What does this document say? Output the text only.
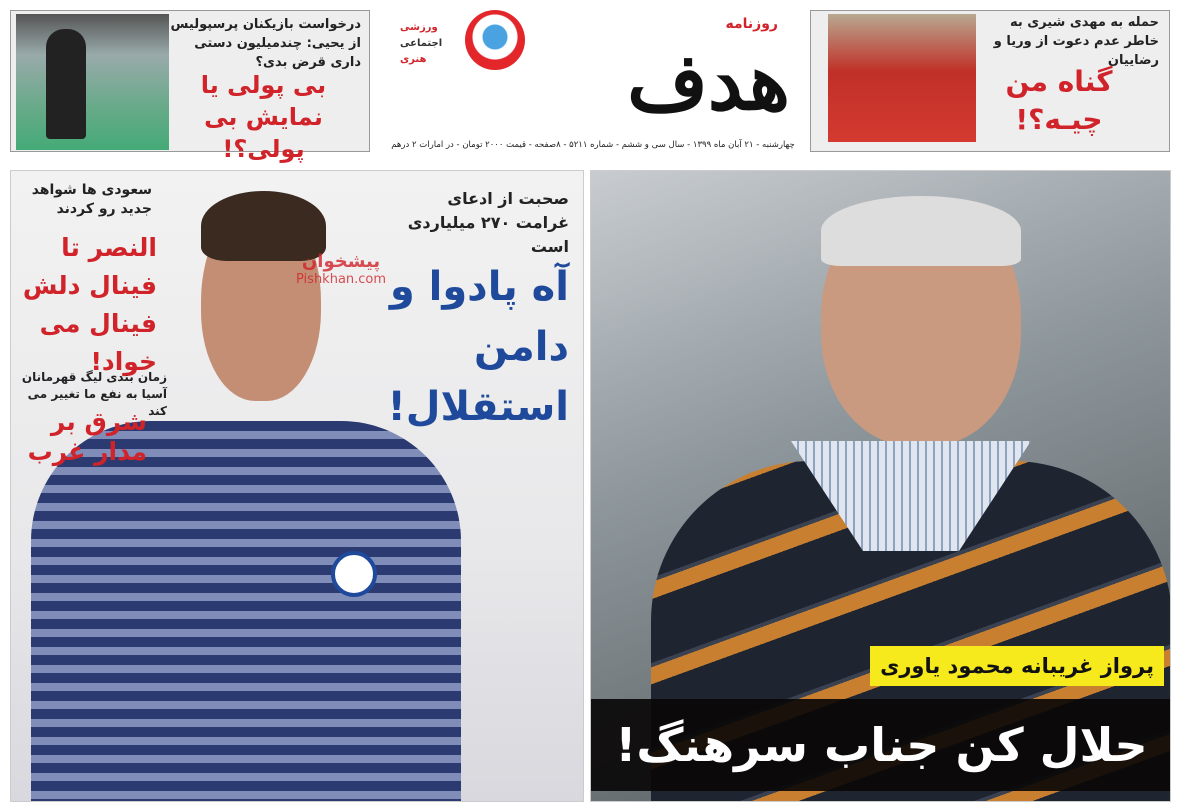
درخواست بازیکنان پرسپولیس از یحیی: چندمیلیون دستی داری قرض بدی؟
بی پولی یا نمایش بی پولی؟!
ورزشی
اجتماعی
هنری
روزنامه
هدف
چهارشنبه - ۲۱ آبان ماه ۱۳۹۹ - سال سی و ششم - شماره ۵۲۱۱ - ۸صفحه - قیمت ۲۰۰۰ تومان - در امارات ۲ درهم
حمله به مهدی شیری به خاطر عدم دعوت از وریا و رضاییان
گناه من چیـه؟!
سعودی ها شواهد جدید رو کردند
النصر تا فینال دلش فینال می خواد!
زمان بندی لیگ قهرمانان آسیا به نفع ما تغییر می کند
شرق بر مدار غرب
صحبت از ادعای غرامت ۲۷۰ میلیاردی است
آه پادوا و دامن استقلال!
پیشخوان
Pishkhan.com
پرواز غریبانه محمود یاوری
حلال کن جناب سرهنگ!
